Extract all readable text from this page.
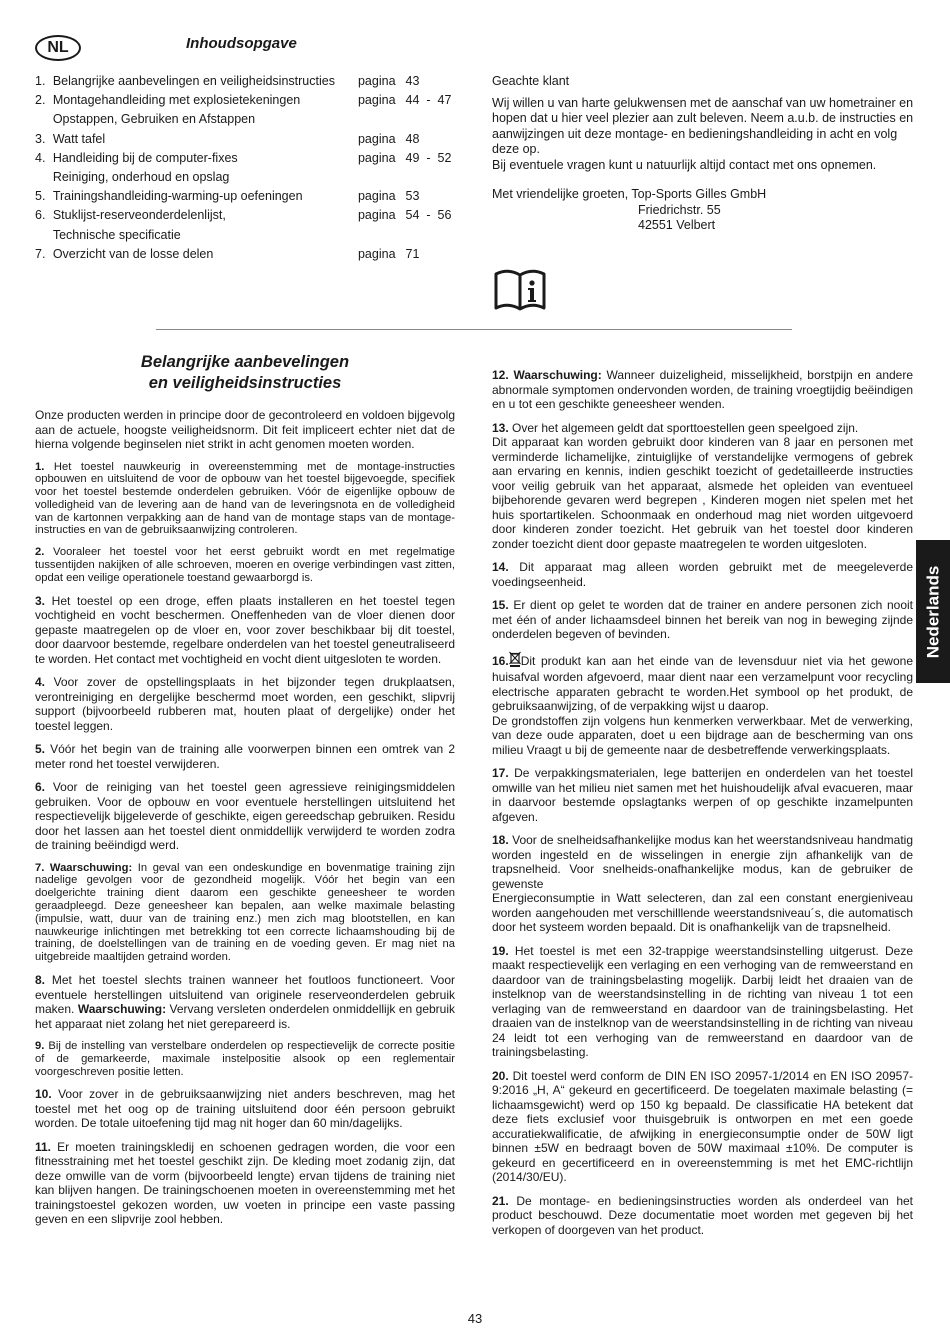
NL	Inhoudsopgave
1. Belangrijke aanbevelingen en veiligheidsinstructies	pagina 43
2. Montagehandleiding met explosietekeningen	pagina 44  -  47
Opstappen, Gebruiken en Afstappen
3. Watt tafel	pagina 48
4. Handleiding bij de computer-fixes	pagina 49  -  52
Reiniging, onderhoud en opslag
5. Trainingshandleiding-warming-up oefeningen	pagina 53
6. Stuklijst-reserveonderdelenlijst,	pagina 54  -  56
Technische specificatie
7. Overzicht van de losse delen	pagina 71

Geachte klant

Wij willen u van harte gelukwensen met de aanschaf van uw hometrainer en hopen dat u hier veel plezier aan zult beleven. Neem a.u.b. de instructies en aanwijzingen uit deze montage- en bedieningshandleiding in acht en volg deze op.

Bij eventuele vragen kunt u natuurlijk altijd contact met ons opnemen.

Met vriendelijke groeten, Top-Sports Gilles GmbH

Friedrichstr. 55

42551 Velbert

Belangrijke aanbevelingen
en veiligheidsinstructies

Onze producten werden in principe door de gecontroleerd en voldoen bijgevolg aan de actuele, hoogste veiligheidsnorm. Dit feit impliceert echter niet dat de hierna volgende beginselen niet strikt in acht genomen moeten worden.

1. Het toestel nauwkeurig in overeenstemming met de montage-instructies opbouwen en uitsluitend de voor de opbouw van het toestel bijgevoegde, specifiek voor het toestel bestemde onderdelen gebruiken. Vóór de eigenlijke opbouw de volledigheid van de levering aan de hand van de leveringsnota en de volledigheid van de kartonnen verpakking aan de hand van de montage staps van de montage-instructies en van de gebruiksaanwijzing controleren.

2. Vooraleer het toestel voor het eerst gebruikt wordt en met regelmatige tussentijden nakijken of alle schroeven, moeren en overige verbindingen vast zitten, opdat een veilige operationele toestand gewaarborgd is.

3. Het toestel op een droge, effen plaats installeren en het toestel tegen vochtigheid en vocht beschermen. Oneffenheden van de vloer dienen door gepaste maatregelen op de vloer en, voor zover beschikbaar bij dit toestel, door daarvoor bestemde, regelbare onderdelen van het toestel geneutraliseerd te worden. Het contact met vochtigheid en vocht dient uitgesloten te worden.

4. Voor zover de opstellingsplaats in het bijzonder tegen drukplaatsen, verontreiniging en dergelijke beschermd moet worden, een geschikt, slipvrij support (bijvoorbeeld rubberen mat, houten plaat of dergelijke) onder het toestel leggen.

5. Vóór het begin van de training alle voorwerpen binnen een omtrek van 2 meter rond het toestel verwijderen.

6. Voor de reiniging van het toestel geen agressieve reinigingsmiddelen gebruiken. Voor de opbouw en voor eventuele herstellingen uitsluitend het respectievelijk bijgeleverde of geschikte, eigen gereedschap gebruiken. Residu door het lassen aan het toestel dient onmiddellijk verwijderd te worden zodra de training beëindigd werd.

7. Waarschuwing: In geval van een ondeskundige en bovenmatige training zijn nadelige gevolgen voor de gezondheid mogelijk. Vóór het begin van een doelgerichte training dient daarom een geschikte geneesheer te worden geraadpleegd. Deze geneesheer kan bepalen, aan welke maximale belasting (impulsie, watt, duur van de training enz.) men zich mag blootstellen, en kan nauwkeurige inlichtingen met betrekking tot een correcte lichaamshouding bij de training, de doelstellingen van de training en de voeding geven. Er mag niet na uitgebreide maaltijden getraind worden.

8. Met het toestel slechts trainen wanneer het foutloos functioneert. Voor eventuele herstellingen uitsluitend van originele reserveonderdelen gebruik maken. Waarschuwing: Vervang versleten onderdelen onmiddellijk en gebruik het apparaat niet zolang het niet gerepareerd is.

9. Bij de instelling van verstelbare onderdelen op respectievelijk de correcte positie of de gemarkeerde, maximale instelpositie alsook op een reglementair voorgeschreven positie letten.

10. Voor zover in de gebruiksaanwijzing niet anders beschreven, mag het toestel met het oog op de training uitsluitend door één persoon gebruikt worden. De totale uitoefening tijd mag nit hoger dan 60 min/dagelijks.

11. Er moeten trainingskledij en schoenen gedragen worden, die voor een fitnesstraining met het toestel geschikt zijn. De kleding moet zodanig zijn, dat deze omwille van de vorm (bijvoorbeeld lengte) ervan tijdens de training niet kan blijven hangen. De trainingschoenen moeten in overeenstemming met het trainingstoestel gekozen worden, uw voeten in principe een vaste passing geven en een slipvrije zool hebben.

12. Waarschuwing: Wanneer duizeligheid, misselijkheid, borstpijn en andere abnormale symptomen ondervonden worden, de training vroegtijdig beëindigen en u tot een geschikte geneesheer wenden.

13. Over het algemeen geldt dat sporttoestellen geen speelgoed zijn.
Dit apparaat kan worden gebruikt door kinderen van 8 jaar en personen met verminderde lichamelijke, zintuiglijke of verstandelijke vermogens of gebrek aan ervaring en kennis, indien geschikt toezicht of gedetailleerde instructies voor veilig gebruik van het apparaat, alsmede het opleiden van eventueel bijbehorende gevaren werd begrepen , Kinderen mogen niet spelen met het huis sportartikelen. Schoonmaak en onderhoud mag niet worden uitgevoerd door kinderen zonder toezicht. Het gebruik van het toestel door kinderen zonder toezicht dient door gepaste maatregelen te worden uitgesloten.

14. Dit apparaat mag alleen worden gebruikt met de meegeleverde voedingseenheid.

15. Er dient op gelet te worden dat de trainer en andere personen zich nooit met één of ander lichaamsdeel binnen het bereik van nog in beweging zijnde onderdelen begeven of bevinden.

16. Dit produkt kan aan het einde van de levensduur niet via het gewone huisafval worden afgevoerd, maar dient naar een verzamelpunt voor recycling electrische apparaten gebracht te worden.Het symbool op het produkt, de gebruiksaanwijzing, of de verpakking wijst u daarop.
De grondstoffen zijn volgens hun kenmerken verwerkbaar. Met de verwerking, van deze oude apparaten, doet u een bijdrage aan de bescherming van ons milieu Vraagt u bij de gemeente naar de desbetreffende verwerkingsplaats.

17. De verpakkingsmaterialen, lege batterijen en onderdelen van het toestel omwille van het milieu niet samen met het huishoudelijk afval evacueren, maar in daarvoor bestemde opslagtanks werpen of op geschikte inzamelpunten afgeven.

18. Voor de snelheidsafhankelijke modus kan het weerstandsniveau handmatig worden ingesteld en de wisselingen in energie zijn afhankelijk van de trapsnelheid. Voor snelheids-onafhankelijke modus, kan de gebruiker de gewenste
Energieconsumptie in Watt selecteren, dan zal een constant energieniveau worden aangehouden met verschilllende weerstandsniveau´s, die automatisch door het systeem worden bepaald. Dit is onafhankelijk van de trapsnelheid.

19. Het toestel is met een 32-trappige weerstandsinstelling uitgerust. Deze maakt respectievelijk een verlaging en een verhoging van de remweerstand en daardoor van de trainingsbelasting mogelijk. Darbij leidt het draaien van de instelknop van de weerstandsinstelling in de richting van niveau 1 tot een verlaging van de remweerstand en daardoor van de trainingsbelasting. Het draaien van de instelknop van de weerstandsinstelling in de richting van niveau 24 leidt tot een verhoging van de remweerstand en daardoor van de trainingsbelasting.

20. Dit toestel werd conform de DIN EN ISO 20957-1/2014 en EN ISO 20957-9:2016 „H, A“ gekeurd en gecertificeerd. De toegelaten maximale belasting (= lichaamsgewicht) werd op 150 kg bepaald. De classificatie HA betekent dat deze fiets exclusief voor thuisgebruik is ontworpen en met een goede accuratiekwalificatie, de afwijking in energieconsumptie onder de 50W ligt binnen ±5W en bedraagt boven de 50W maximaal ±10%. De computer is gekeurd en gecertificeerd en in overeenstemming is met het EMC-richtlijn (2014/30/EU).

21. De montage- en bedieningsinstructies worden als onderdeel van het product beschouwd. Deze documentatie moet worden met gegeven bij het verkopen of doorgeven van het product.

Nederlands
43
